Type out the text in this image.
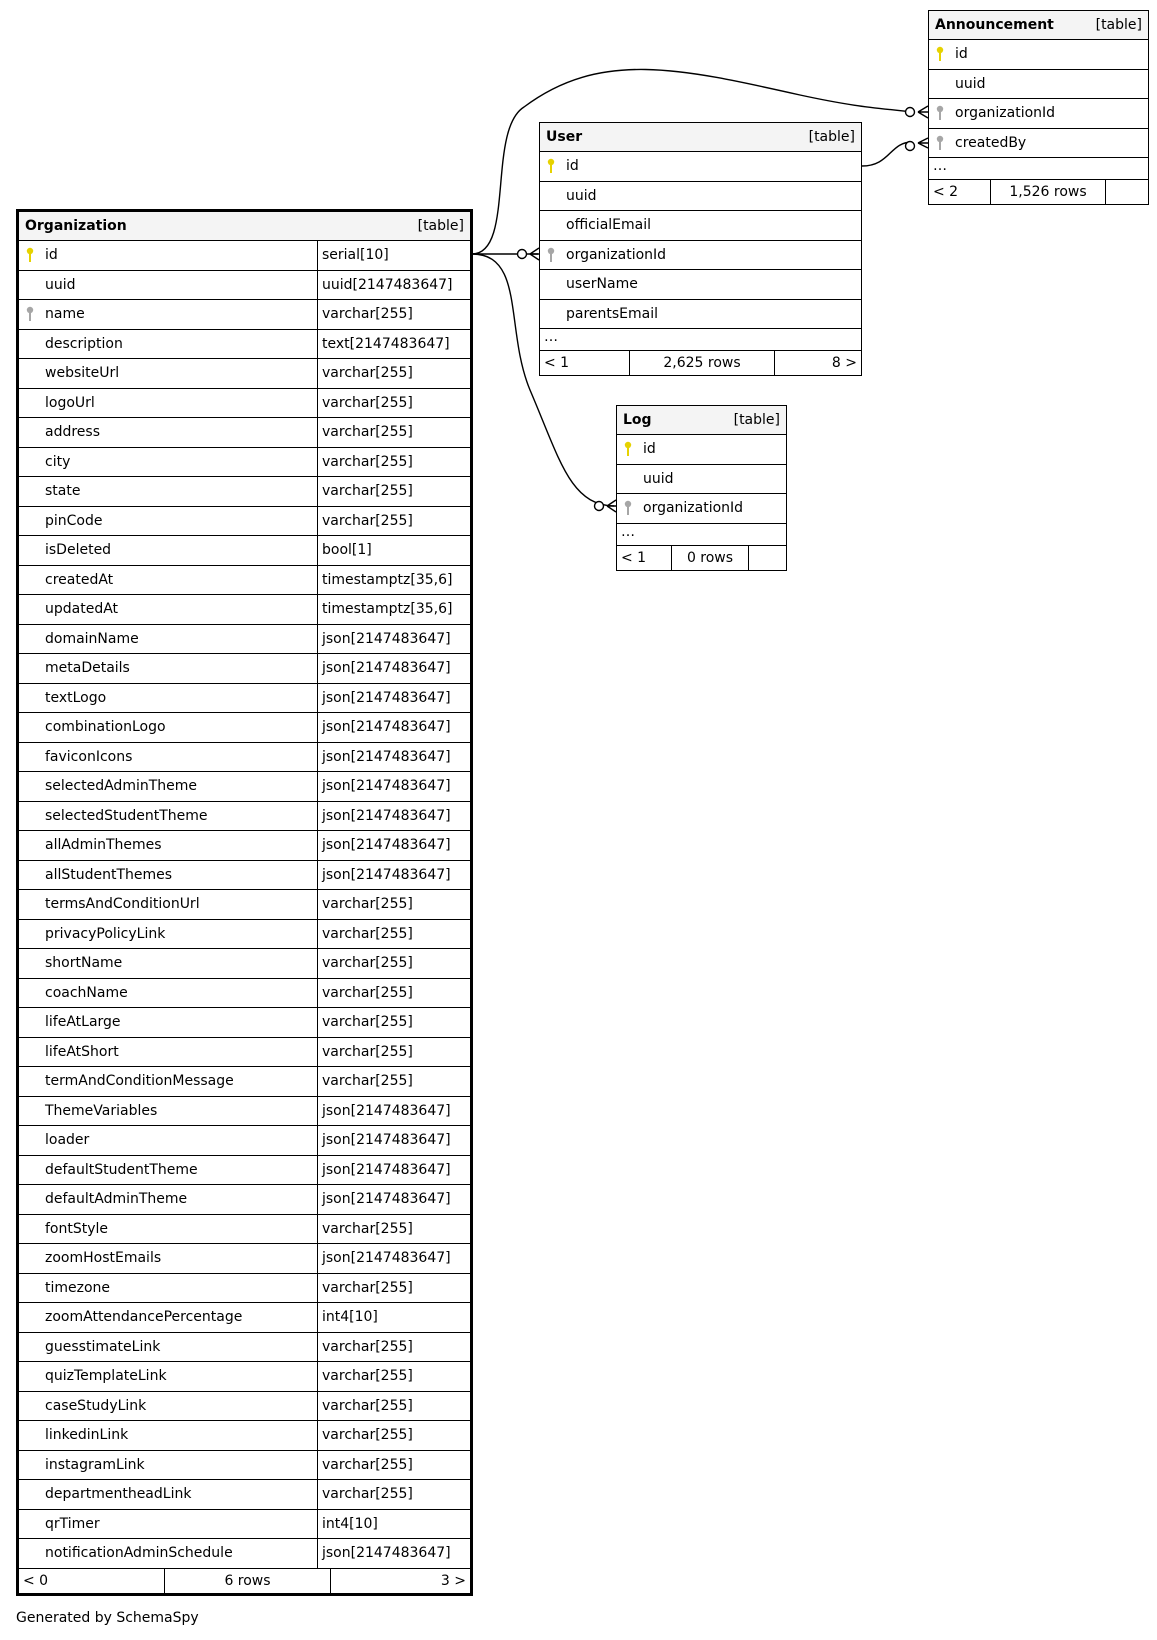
Announcement	[table]
id
uuid
organizationId
createdBy
…
< 2	1,526 rows
User	[table]
id
uuid
officialEmail
organizationId
userName
parentsEmail
…
< 1	2,625 rows	8 >
Log	[table]
id
uuid
organizationId
…
< 1	0 rows
Organization	[table]
id	serial[10]
uuid	uuid[2147483647]
name	varchar[255]
description	text[2147483647]
websiteUrl	varchar[255]
logoUrl	varchar[255]
address	varchar[255]
city	varchar[255]
state	varchar[255]
pinCode	varchar[255]
isDeleted	bool[1]
createdAt	timestamptz[35,6]
updatedAt	timestamptz[35,6]
domainName	json[2147483647]
metaDetails	json[2147483647]
textLogo	json[2147483647]
combinationLogo	json[2147483647]
faviconIcons	json[2147483647]
selectedAdminTheme	json[2147483647]
selectedStudentTheme	json[2147483647]
allAdminThemes	json[2147483647]
allStudentThemes	json[2147483647]
termsAndConditionUrl	varchar[255]
privacyPolicyLink	varchar[255]
shortName	varchar[255]
coachName	varchar[255]
lifeAtLarge	varchar[255]
lifeAtShort	varchar[255]
termAndConditionMessage	varchar[255]
ThemeVariables	json[2147483647]
loader	json[2147483647]
defaultStudentTheme	json[2147483647]
defaultAdminTheme	json[2147483647]
fontStyle	varchar[255]
zoomHostEmails	json[2147483647]
timezone	varchar[255]
zoomAttendancePercentage	int4[10]
guesstimateLink	varchar[255]
quizTemplateLink	varchar[255]
caseStudyLink	varchar[255]
linkedinLink	varchar[255]
instagramLink	varchar[255]
departmentheadLink	varchar[255]
qrTimer	int4[10]
notificationAdminSchedule	json[2147483647]
< 0	6 rows	3 >
Generated by SchemaSpy
